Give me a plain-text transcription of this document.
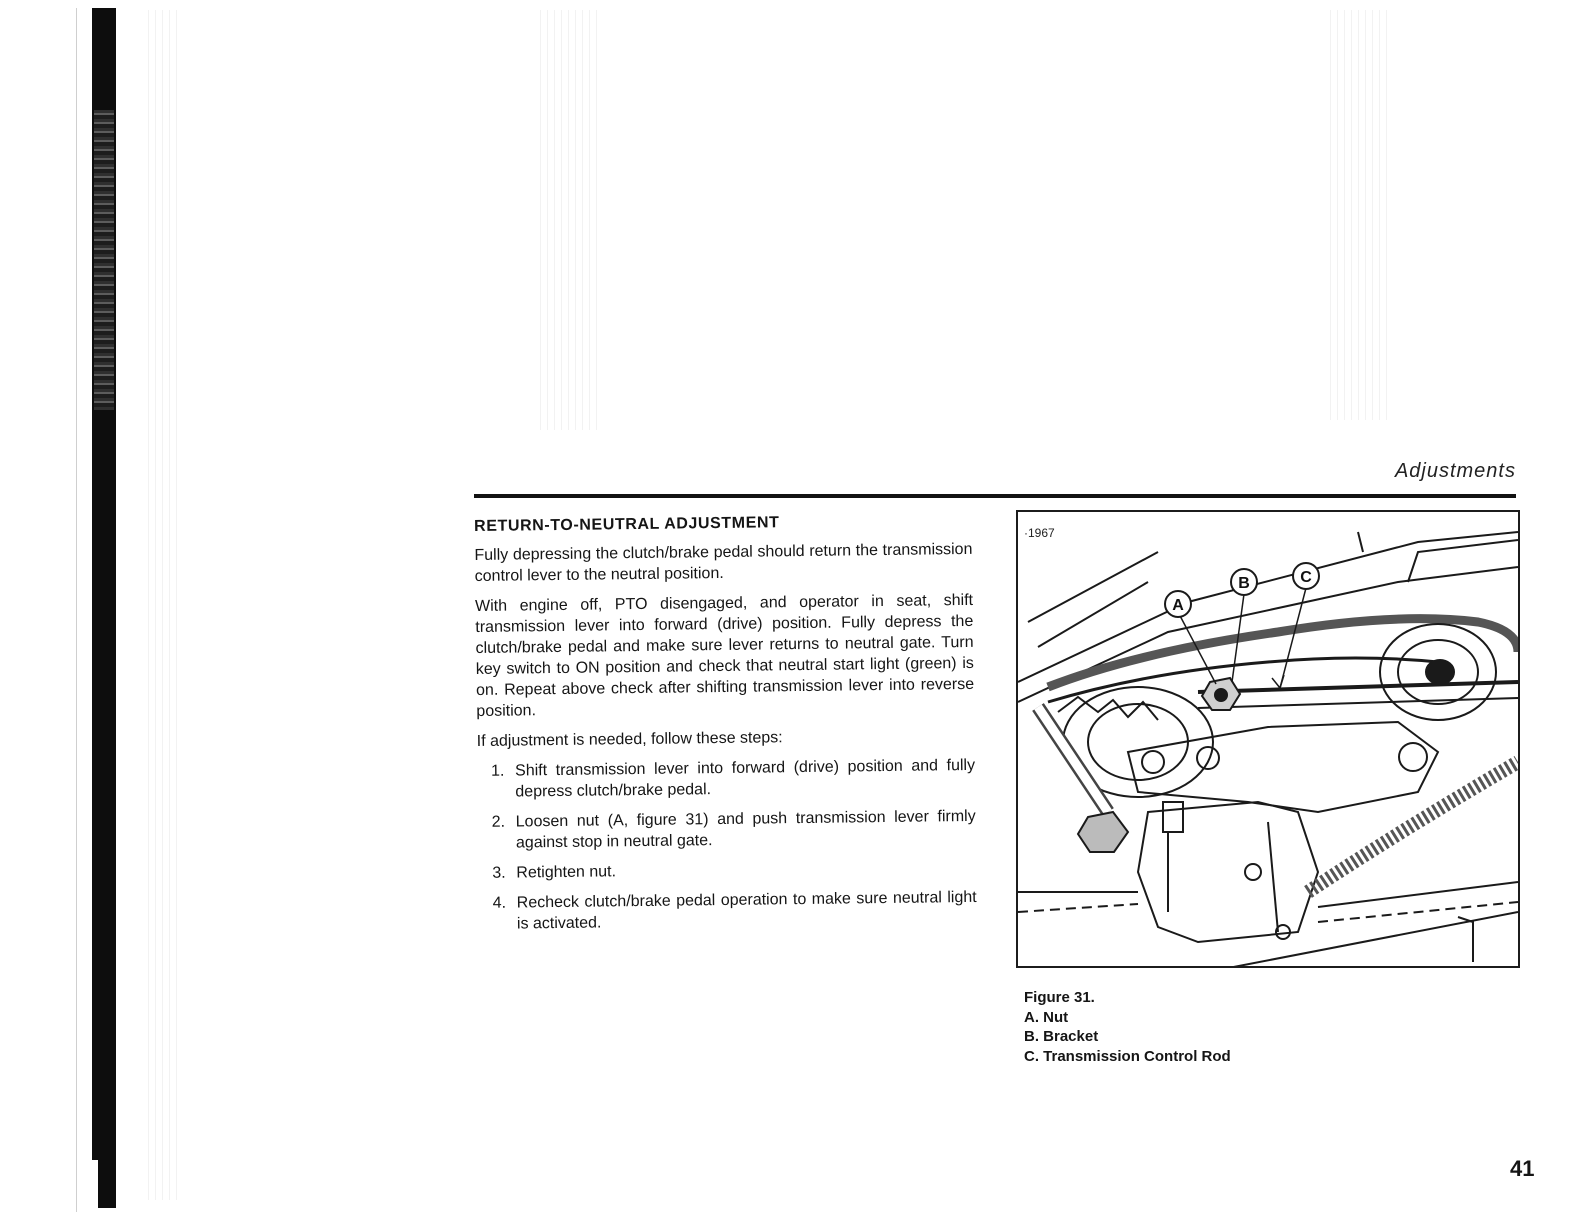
Adjustments
RETURN-TO-NEUTRAL ADJUSTMENT

Fully depressing the clutch/brake pedal should return the transmission control lever to the neutral position.

With engine off, PTO disengaged, and operator in seat, shift transmission lever into forward (drive) position. Fully depress the clutch/brake pedal and make sure lever returns to neutral gate. Turn key switch to ON position and check that neutral start light (green) is on. Repeat above check after shifting transmission lever into reverse position.

If adjustment is needed, follow these steps:

1. Shift transmission lever into forward (drive) position and fully depress clutch/brake pedal.
2. Loosen nut (A, figure 31) and push transmission lever firmly against stop in neutral gate.
3. Retighten nut.
4. Recheck clutch/brake pedal operation to make sure neutral light is activated.
A
B	C
·1967
Figure 31.
A. Nut
B. Bracket
C. Transmission Control Rod
41
